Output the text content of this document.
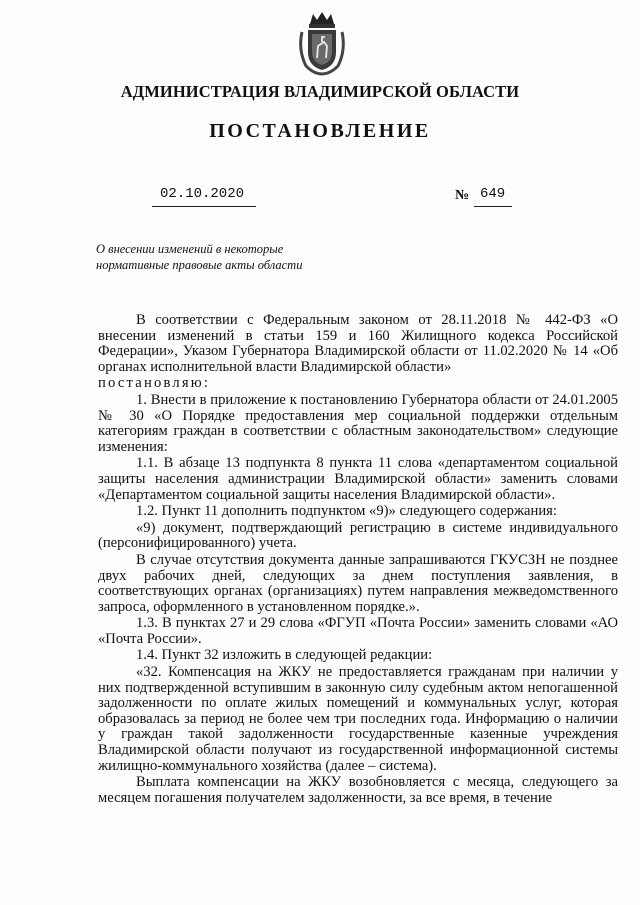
АДМИНИСТРАЦИЯ ВЛАДИМИРСКОЙ ОБЛАСТИ
ПОСТАНОВЛЕНИЕ
02.10.2020	№ 649
О внесении изменений в некоторые
нормативные правовые акты области

В соответствии с Федеральным законом от 28.11.2018 № 442-ФЗ «О внесении изменений в статьи 159 и 160 Жилищного кодекса Российской Федерации», Указом Губернатора Владимирской области от 11.02.2020 № 14 «Об органах исполнительной власти Владимирской области»

постановляю:

1. Внести в приложение к постановлению Губернатора области от 24.01.2005 № 30 «О Порядке предоставления мер социальной поддержки отдельным категориям граждан в соответствии с областным законодательством» следующие изменения:

1.1. В абзаце 13 подпункта 8 пункта 11 слова «департаментом социальной защиты населения администрации Владимирской области» заменить словами «Департаментом социальной защиты населения Владимирской области».

1.2. Пункт 11 дополнить подпунктом «9)» следующего содержания:

«9) документ, подтверждающий регистрацию в системе индивидуального (персонифицированного) учета.

В случае отсутствия документа данные запрашиваются ГКУСЗН не позднее двух рабочих дней, следующих за днем поступления заявления, в соответствующих органах (организациях) путем направления межведомственного запроса, оформленного в установленном порядке.».

1.3. В пунктах 27 и 29 слова «ФГУП «Почта России» заменить словами «АО «Почта России».

1.4. Пункт 32 изложить в следующей редакции:

«32. Компенсация на ЖКУ не предоставляется гражданам при наличии у них подтвержденной вступившим в законную силу судебным актом непогашенной задолженности по оплате жилых помещений и коммунальных услуг, которая образовалась за период не более чем три последних года. Информацию о наличии у граждан такой задолженности государственные казенные учреждения Владимирской области получают из государственной информационной системы жилищно-коммунального хозяйства (далее – система).

Выплата компенсации на ЖКУ возобновляется с месяца, следующего за месяцем погашения получателем задолженности, за все время, в течение
